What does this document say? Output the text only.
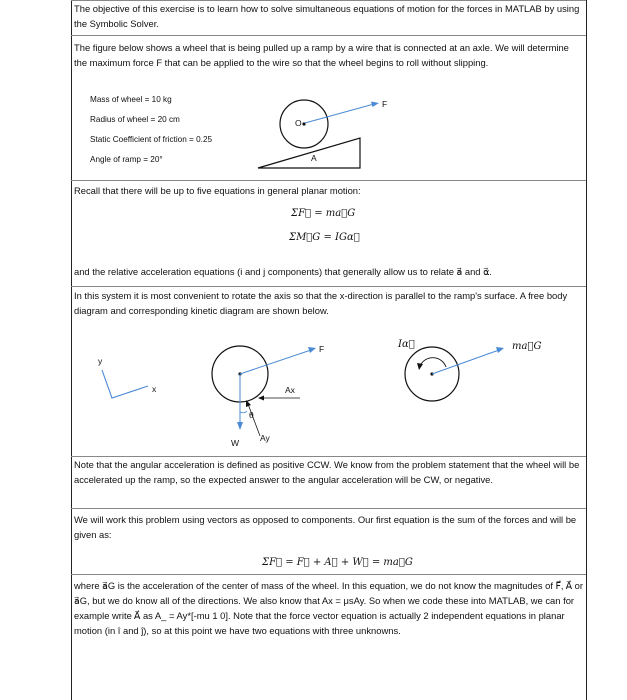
The objective of this exercise is to learn how to solve simultaneous equations of motion for the forces in MATLAB by using the Symbolic Solver.
The figure below shows a wheel that is being pulled up a ramp by a wire that is connected at an axle. We will determine the maximum force F that can be applied to the wire so that the wheel begins to roll without slipping.
Mass of wheel = 10 kg
Radius of wheel = 20 cm
Static Coefficient of friction = 0.25
Angle of ramp = 20°
O
F
A
Recall that there will be up to five equations in general planar motion:
ΣF⃗ = ma⃗G
ΣM⃗G = IGα⃗
and the relative acceleration equations (i and j components) that generally allow us to relate a⃗ and α⃗.
In this system it is most convenient to rotate the axis so that the x-direction is parallel to the ramp's surface. A free body diagram and corresponding kinetic diagram are shown below.
y
x
F
Ax
θ
W Ay
Iα⃗	ma⃗G
Note that the angular acceleration is defined as positive CCW. We know from the problem statement that the wheel will be accelerated up the ramp, so the expected answer to the angular acceleration will be CW, or negative.
We will work this problem using vectors as opposed to components. Our first equation is the sum of the forces and will be given as:
ΣF⃗ = F⃗ + A⃗ + W⃗ = ma⃗G
where a⃗G is the acceleration of the center of mass of the wheel. In this equation, we do not know the magnitudes of F⃗, A⃗ or a⃗G, but we do know all of the directions. We also know that Ax = μsAy. So when we code these into MATLAB, we can for example write A⃗ as A_ = Ay*[-mu 1 0]. Note that the force vector equation is actually 2 independent equations in planar motion (in î and ĵ), so at this point we have two equations with three unknowns.
